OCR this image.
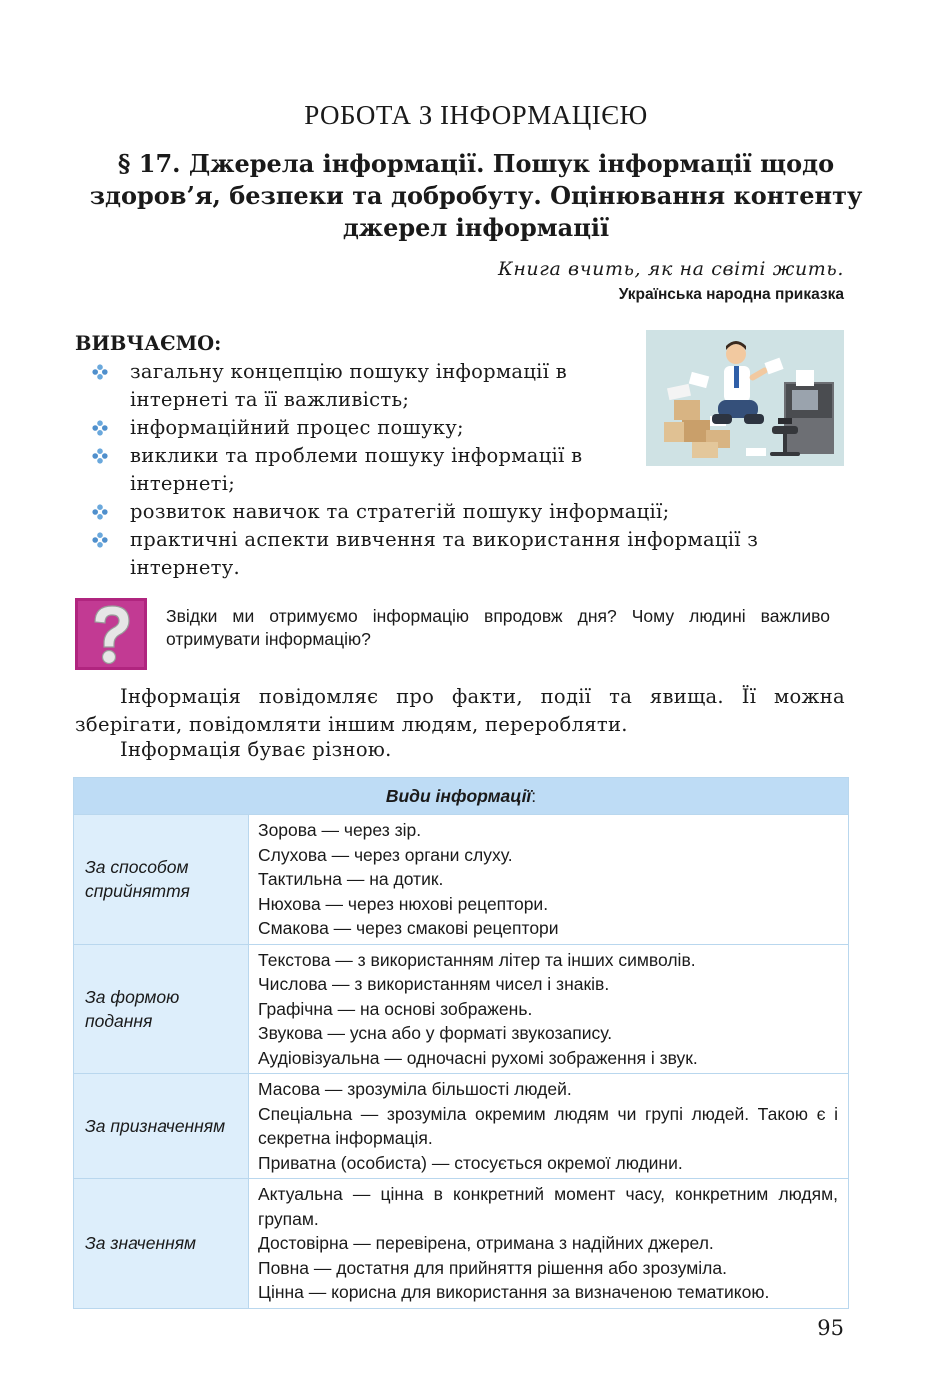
РОБОТА З ІНФОРМАЦІЄЮ
§ 17. Джерела інформації. Пошук інформації щодо
здоров’я, безпеки та добробуту. Оцінювання контенту
джерел інформації
Книга вчить, як на світі жить.
Українська народна приказка
ВИВЧАЄМО:
загальну концепцію пошуку інформації в інтернеті та її важливість;
інформаційний процес пошуку;
виклики та проблеми пошуку інформації в інтернеті;
розвиток навичок та стратегій пошуку інформації;
практичні аспекти вивчення та використання інформації з інтернету.
Звідки ми отримуємо інформацію впродовж дня? Чому людині важливо отримувати інформацію?
Інформація повідомляє про факти, події та явища. Її можна зберігати, повідомляти іншим людям, переробляти.
Інформація буває різною.
Види інформації:	
За способом сприйняття	Зорова — через зір.
Слухова — через органи слуху.
Тактильна — на дотик.
Нюхова — через нюхові рецептори.
Смакова — через смакові рецептори

За формою подання	Текстова — з використанням літер та інших символів.
Числова — з використанням чисел і знаків.
Графічна — на основі зображень.
Звукова — усна або у форматі звукозапису.
Аудіовізуальна — одночасні рухомі зображення і звук.

За призначенням	Масова — зрозуміла більшості людей.
Спеціальна — зрозуміла окремим людям чи групі людей. Такою є і секретна інформація.
Приватна (особиста) — стосується окремої людини.

За значенням	Актуальна — цінна в конкретний момент часу, конкретним людям, групам.
Достовірна — перевірена, отримана з надійних джерел.
Повна — достатня для прийняття рішення або зрозуміла.
Цінна — корисна для використання за визначеною тематикою.
95
